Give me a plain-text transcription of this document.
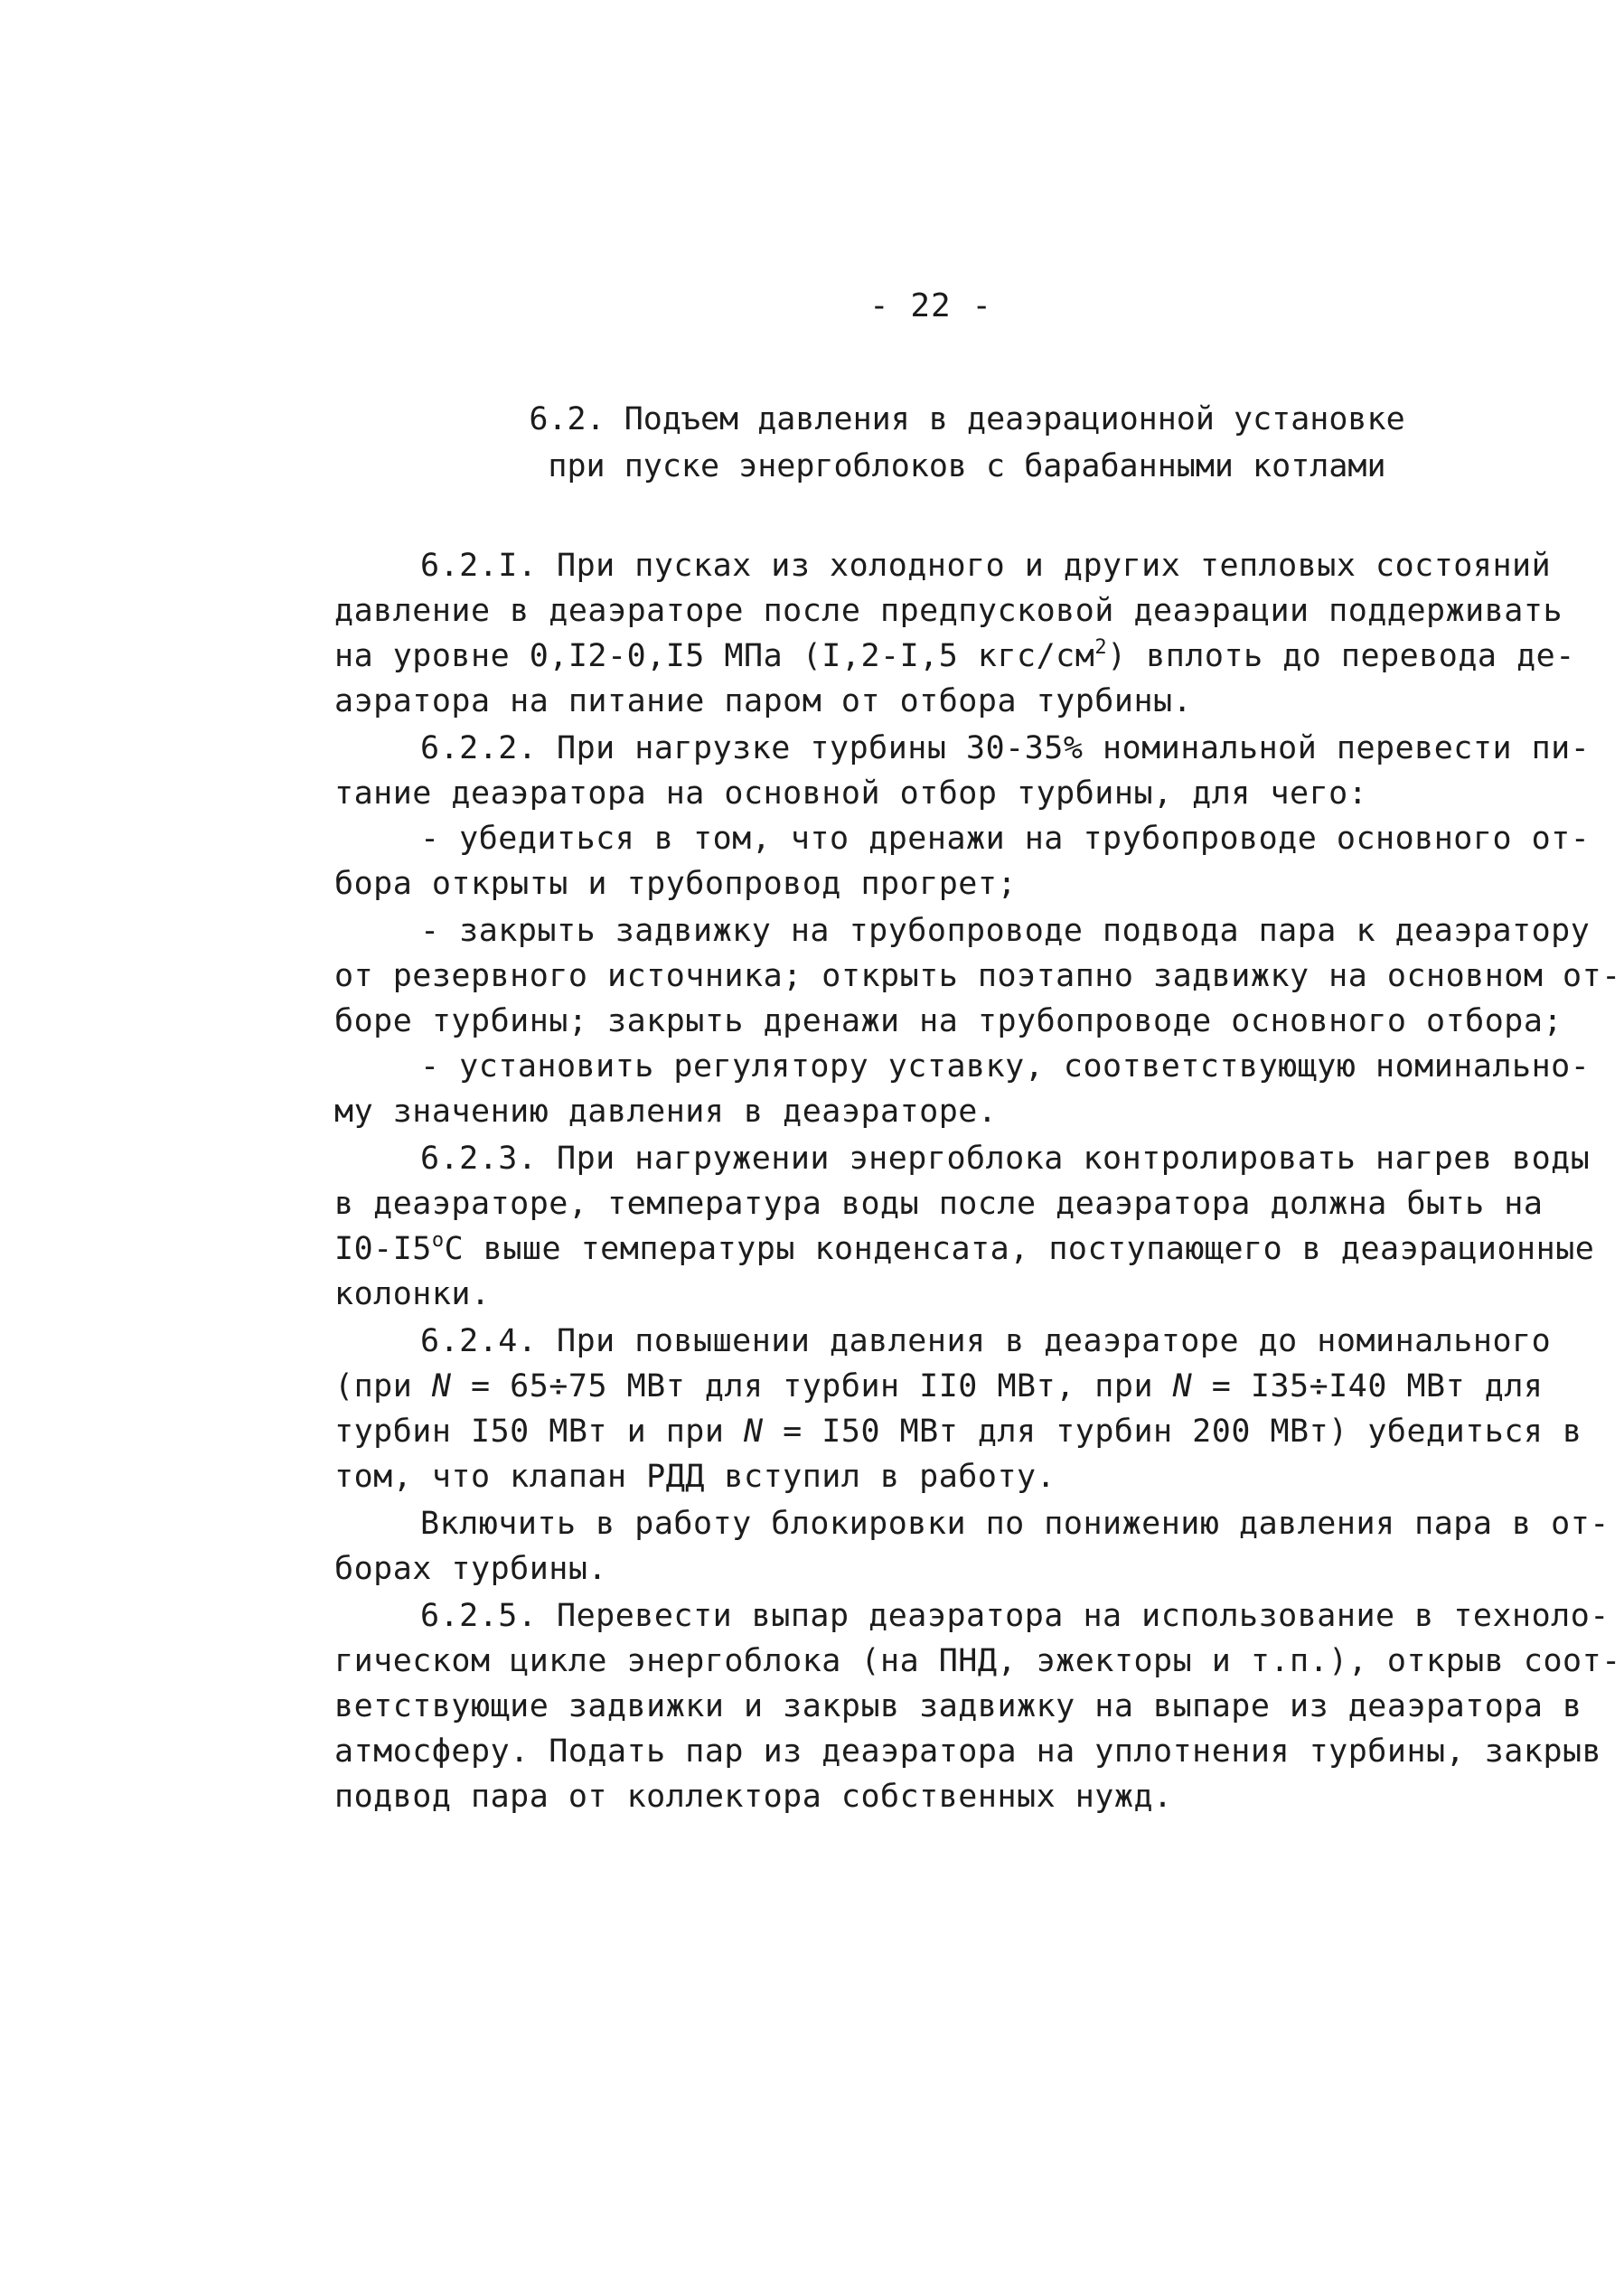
- 22 -
6.2. Подъем давления в деаэрационной установке
при пуске энергоблоков с барабанными котлами
6.2.I. При пусках из холодного и других тепловых состояний
давление в деаэраторе после предпусковой деаэрации поддерживать
на уровне 0,I2-0,I5 МПа (I,2-I,5 кгс/$см^2$) вплоть до перевода де-
аэратора на питание паром от отбора турбины.
6.2.2. При нагрузке турбины 30-35% номинальной перевести пи-
тание деаэратора на основной отбор турбины, для чего:
- убедиться в том, что дренажи на трубопроводе основного от-
бора открыты и трубопровод прогрет;
- закрыть задвижку на трубопроводе подвода пара к деаэратору
от резервного источника; открыть поэтапно задвижку на основном от-
боре турбины; закрыть дренажи на трубопроводе основного отбора;
- установить регулятору уставку, соответствующую номинально-
му значению давления в деаэраторе.
6.2.3. При нагружении энергоблока контролировать нагрев воды
в деаэраторе, температура воды после деаэратора должна быть на
I0-I5$^o$С выше температуры конденсата, поступающего в деаэрационные
колонки.
6.2.4. При повышении давления в деаэраторе до номинального
(при N = 65÷75 МВт для турбин II0 МВт, при N = I35÷I40 МВт для
турбин I50 МВт и при N = I50 МВт для турбин 200 МВт) убедиться в
том, что клапан РДД вступил в работу.
Включить в работу блокировки по понижению давления пара в от-
борах турбины.
6.2.5. Перевести выпар деаэратора на использование в техноло-
гическом цикле энергоблока (на ПНД, эжекторы и т.п.), открыв соот-
ветствующие задвижки и закрыв задвижку на выпаре из деаэратора в
атмосферу. Подать пар из деаэратора на уплотнения турбины, закрыв
подвод пара от коллектора собственных нужд.
